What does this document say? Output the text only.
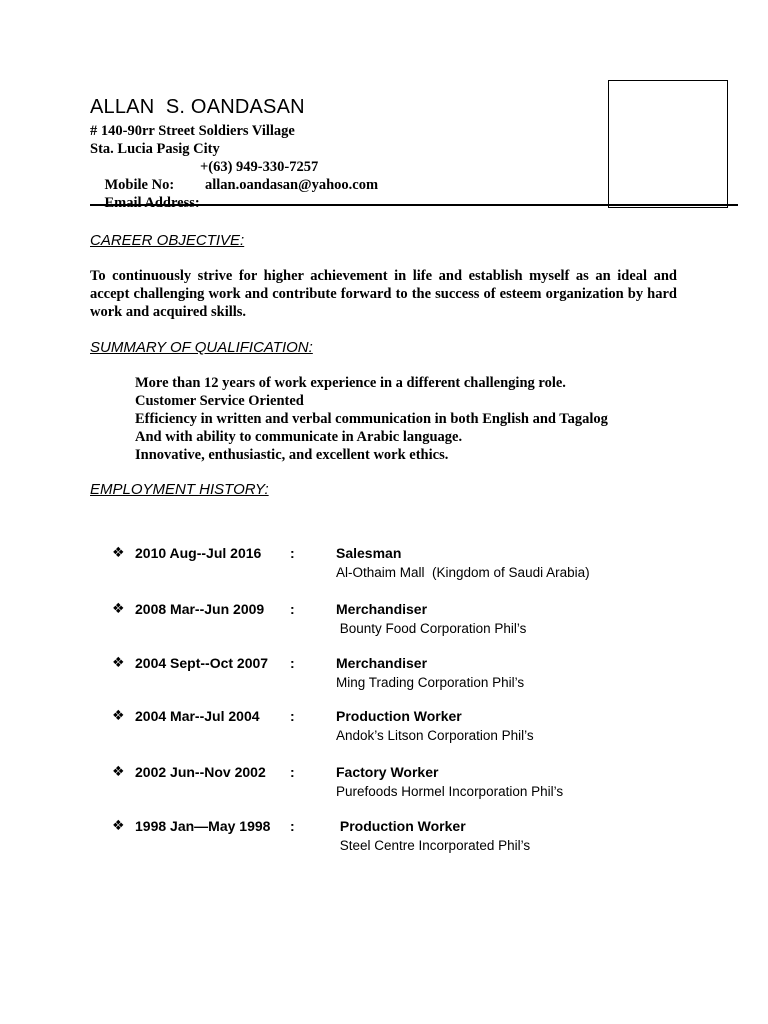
ALLAN  S. OANDASAN
# 140-90rr Street Soldiers Village
Sta. Lucia Pasig City

Mobile No:

+(63) 949-330-7257

Email Address:

allan.oandasan@yahoo.com

CAREER OBJECTIVE:
To continuously strive for higher achievement in life and establish myself as an ideal and accept challenging work and contribute forward to the success of esteem organization by hard work and acquired skills.
SUMMARY OF QUALIFICATION:
More than 12 years of work experience in a different challenging role.
Customer Service Oriented
Efficiency in written and verbal communication in both English and Tagalog
And with ability to communicate in Arabic language.
Innovative, enthusiastic, and excellent work ethics.
EMPLOYMENT HISTORY:
❖ 2010 Aug--Jul 2016 :	Salesman
Al-Othaim Mall  (Kingdom of Saudi Arabia)
❖ 2008 Mar--Jun 2009 :	Merchandiser
Bounty Food Corporation Phil’s
❖ 2004 Sept--Oct 2007 :	Merchandiser
Ming Trading Corporation Phil’s
❖ 2004 Mar--Jul 2004 :	Production Worker
Andok’s Litson Corporation Phil’s
❖ 2002 Jun--Nov 2002 :	Factory Worker
Purefoods Hormel Incorporation Phil’s
❖ 1998 Jan—May 1998 :	Production Worker
Steel Centre Incorporated Phil’s
